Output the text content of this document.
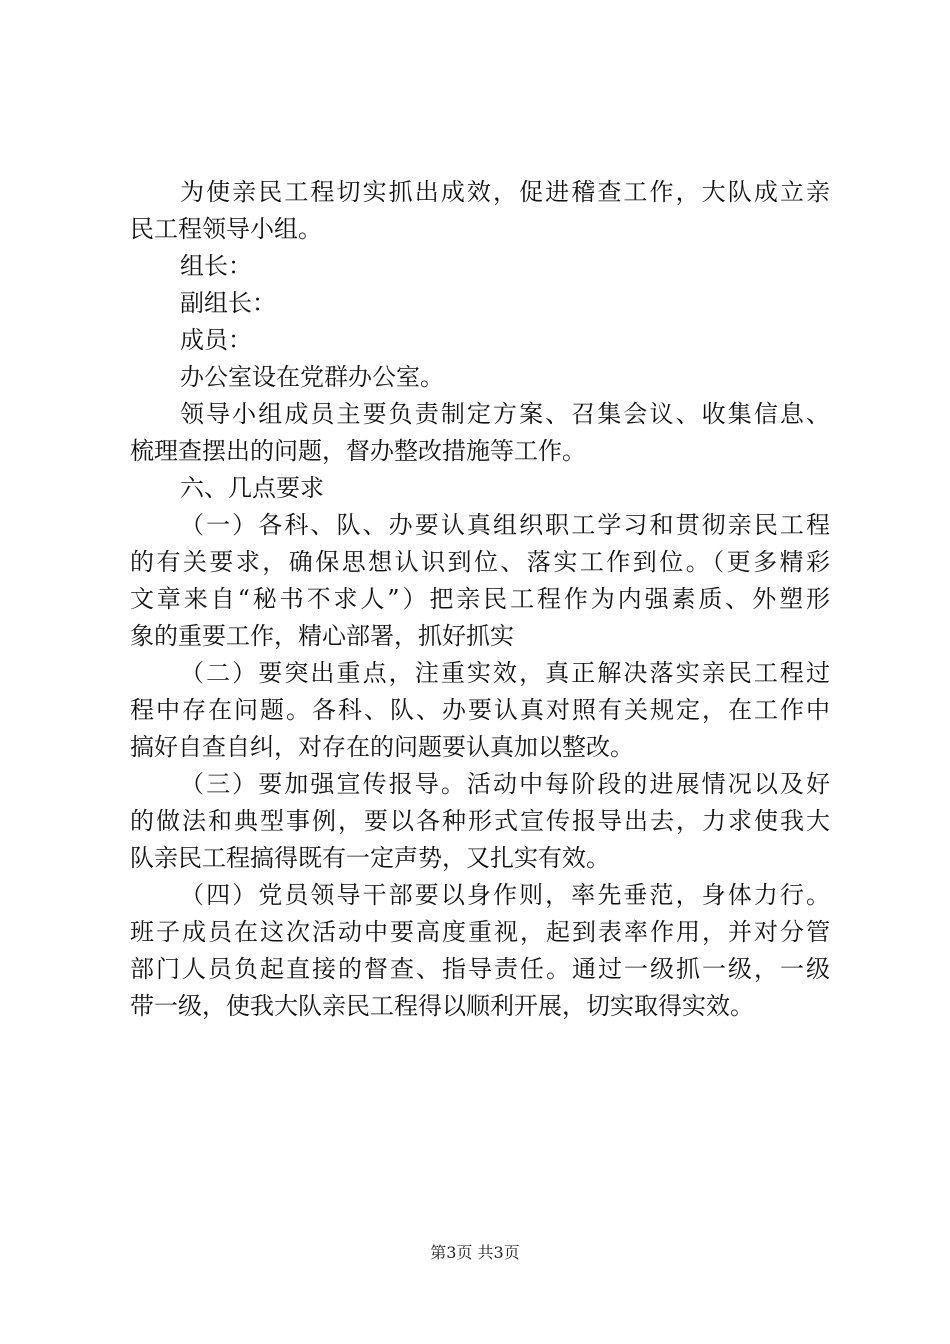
为使亲民工程切实抓出成效，促进稽查工作，大队成立亲
民工程领导小组。
组长：
副组长：
成员：
办公室设在党群办公室。
领导小组成员主要负责制定方案、召集会议、收集信息、
梳理查摆出的问题，督办整改措施等工作。
六、几点要求
（一）各科、队、办要认真组织职工学习和贯彻亲民工程
的有关要求，确保思想认识到位、落实工作到位。（更多精彩
文章来自“秘书不求人”）把亲民工程作为内强素质、外塑形
象的重要工作，精心部署，抓好抓实
（二）要突出重点，注重实效，真正解决落实亲民工程过
程中存在问题。各科、队、办要认真对照有关规定，在工作中
搞好自查自纠，对存在的问题要认真加以整改。
（三）要加强宣传报导。活动中每阶段的进展情况以及好
的做法和典型事例，要以各种形式宣传报导出去，力求使我大
队亲民工程搞得既有一定声势，又扎实有效。
（四）党员领导干部要以身作则，率先垂范，身体力行。
班子成员在这次活动中要高度重视，起到表率作用，并对分管
部门人员负起直接的督查、指导责任。通过一级抓一级，一级
带一级，使我大队亲民工程得以顺利开展，切实取得实效。
第3页 共3页
